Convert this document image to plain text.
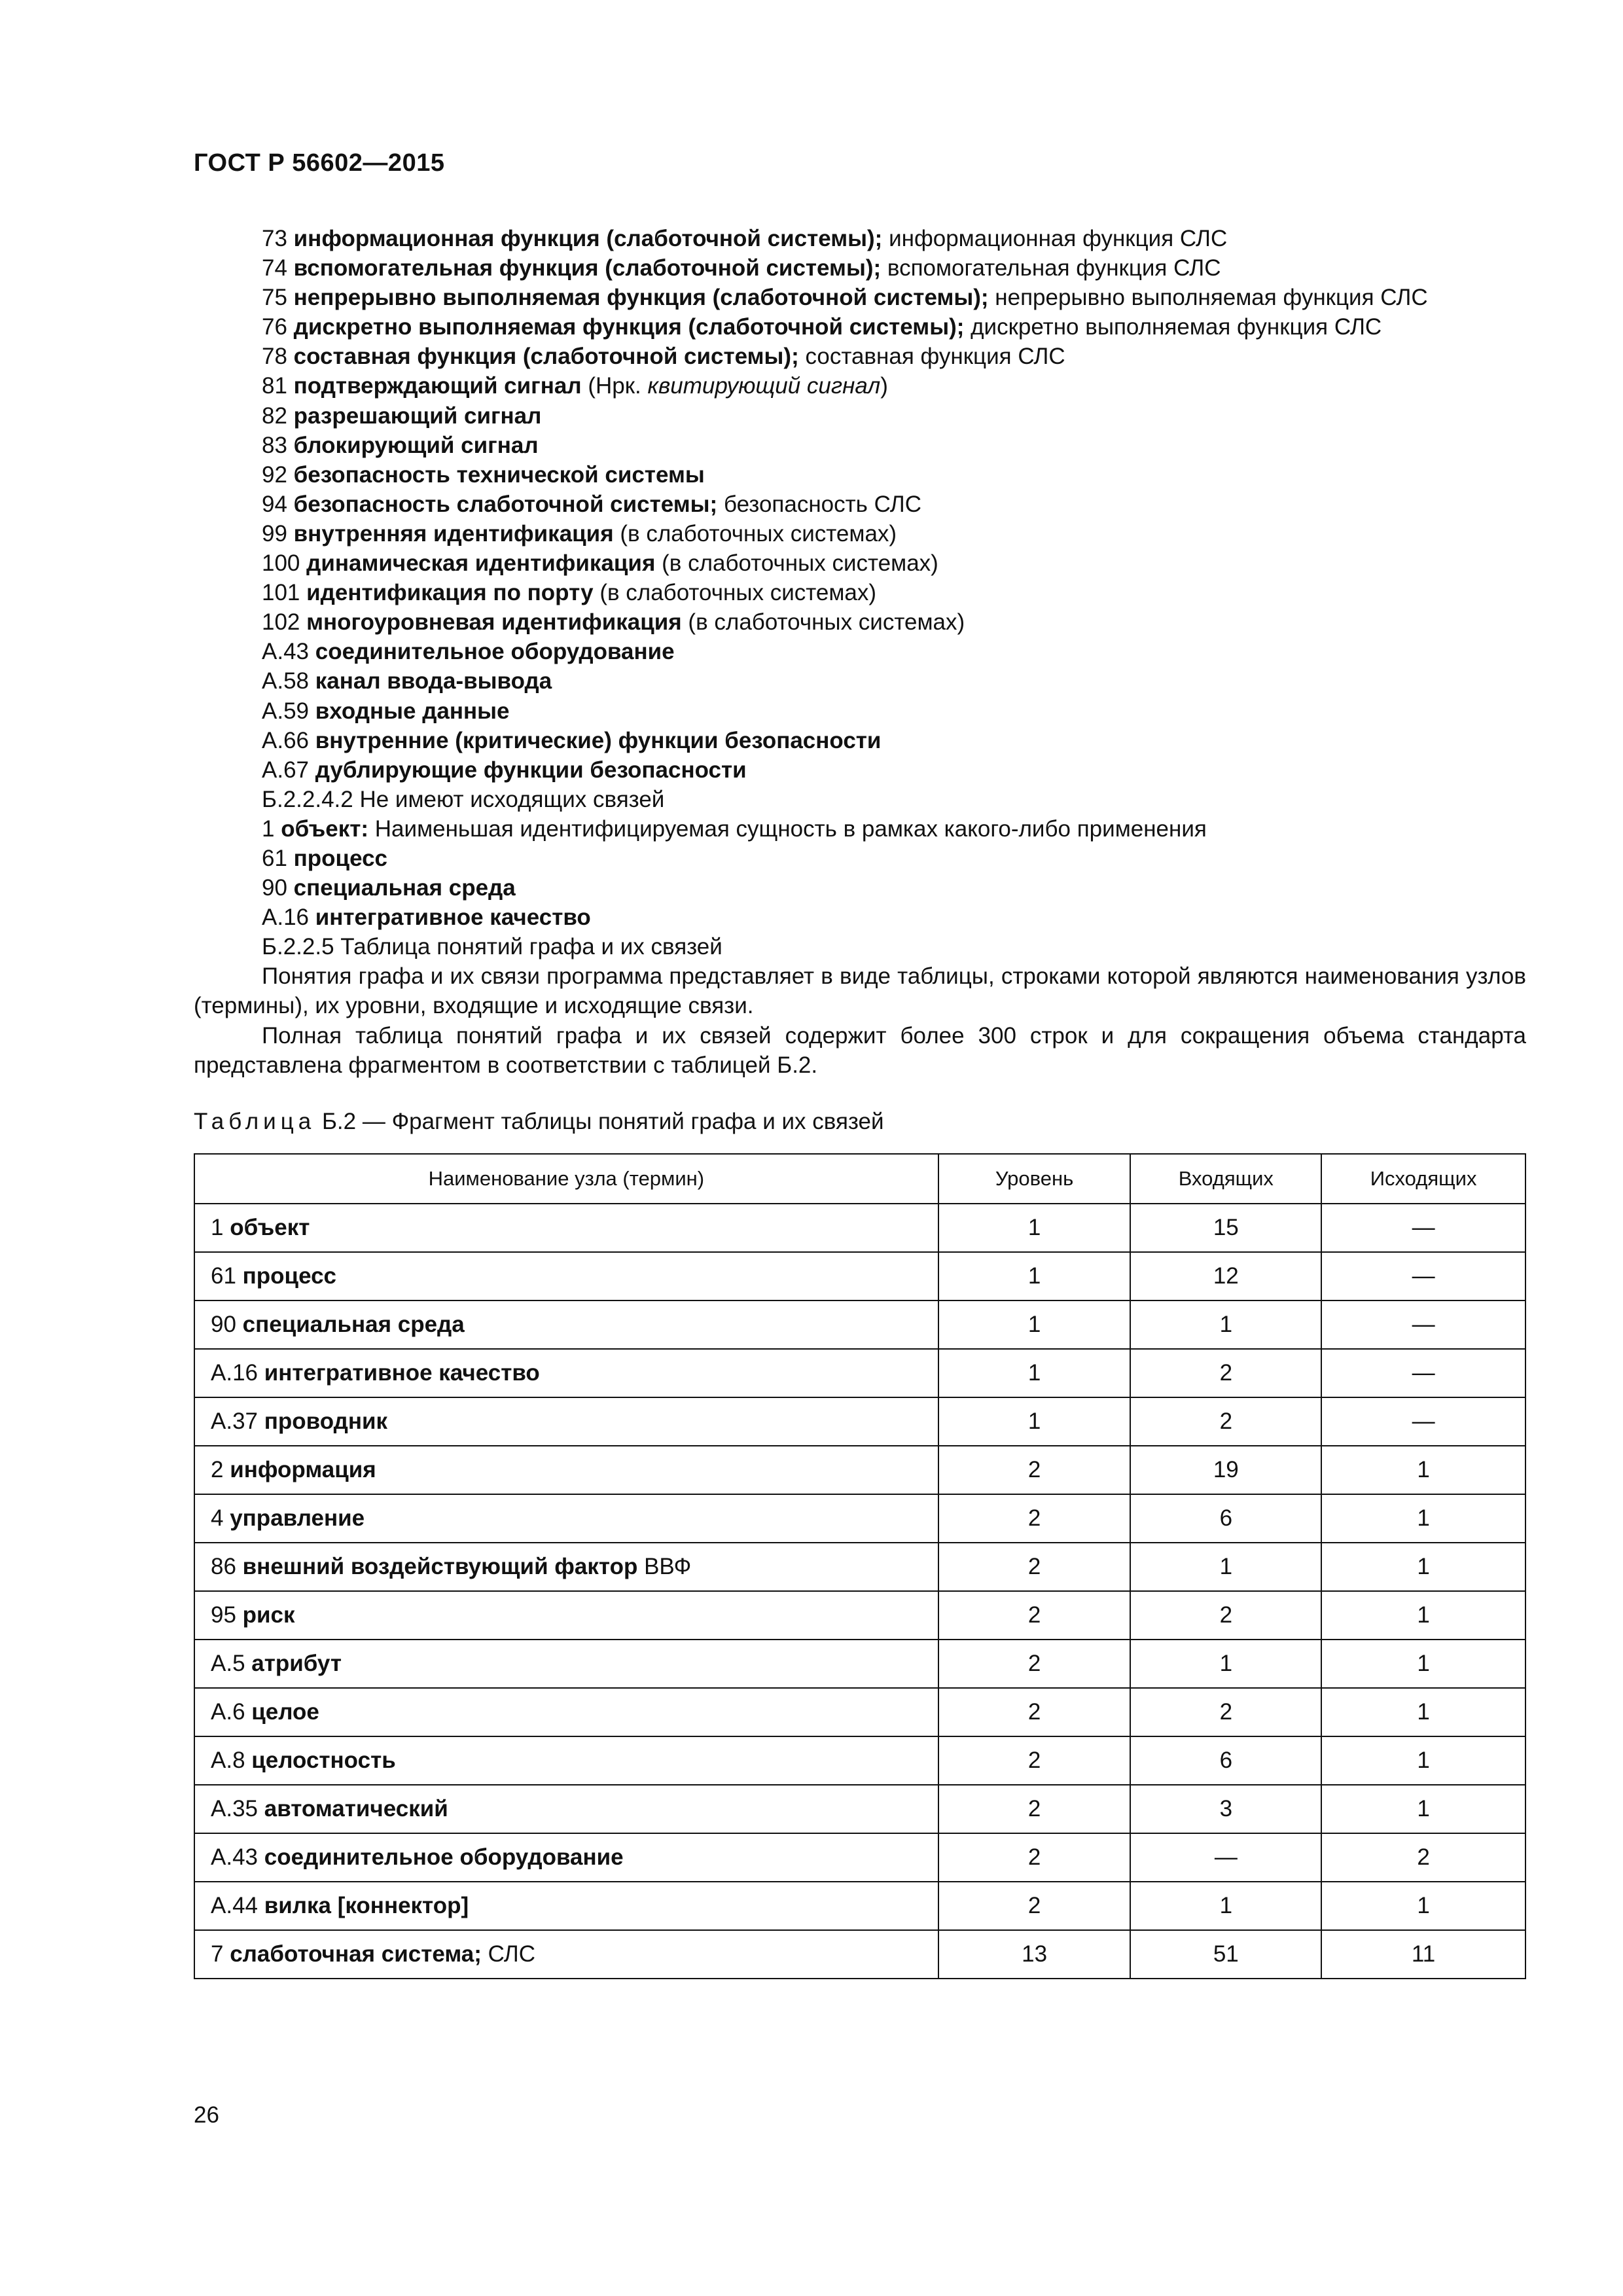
ГОСТ Р 56602—2015
73 информационная функция (слаботочной системы); информационная функция СЛС
74 вспомогательная функция (слаботочной системы); вспомогательная функция СЛС
75 непрерывно выполняемая функция (слаботочной системы); непрерывно выполняемая функция СЛС
76 дискретно выполняемая функция (слаботочной системы); дискретно выполняемая функция СЛС
78 составная функция (слаботочной системы); составная функция СЛС
81 подтверждающий сигнал (Нрк. квитирующий сигнал)
82 разрешающий сигнал
83 блокирующий сигнал
92 безопасность технической системы
94 безопасность слаботочной системы; безопасность СЛС
99 внутренняя идентификация (в слаботочных системах)
100 динамическая идентификация (в слаботочных системах)
101 идентификация по порту (в слаботочных системах)
102 многоуровневая идентификация (в слаботочных системах)
А.43 соединительное оборудование
А.58 канал ввода-вывода
А.59 входные данные
А.66 внутренние (критические) функции безопасности
А.67 дублирующие функции безопасности
Б.2.2.4.2 Не имеют исходящих связей
1 объект: Наименьшая идентифицируемая сущность в рамках какого-либо применения
61 процесс
90 специальная среда
А.16 интегративное качество
Б.2.2.5 Таблица понятий графа и их связей
Понятия графа и их связи программа представляет в виде таблицы, строками которой являются наименования узлов (термины), их уровни, входящие и исходящие связи.
Полная таблица понятий графа и их связей содержит более 300 строк и для сокращения объема стандарта представлена фрагментом в соответствии с таблицей Б.2.
Таблица Б.2 — Фрагмент таблицы понятий графа и их связей
Наименование узла (термин)	Уровень	Входящих	Исходящих
1 объект	1	15	—
61 процесс	1	12	—
90 специальная среда	1	1	—
А.16 интегративное качество	1	2	—
А.37 проводник	1	2	—
2 информация	2	19	1
4 управление	2	6	1
86 внешний воздействующий фактор ВВФ	2	1	1
95 риск	2	2	1
А.5 атрибут	2	1	1
А.6 целое	2	2	1
А.8 целостность	2	6	1
А.35 автоматический	2	3	1
А.43 соединительное оборудование	2	—	2
А.44 вилка [коннектор]	2	1	1
7 слаботочная система; СЛС	13	51	11
26
